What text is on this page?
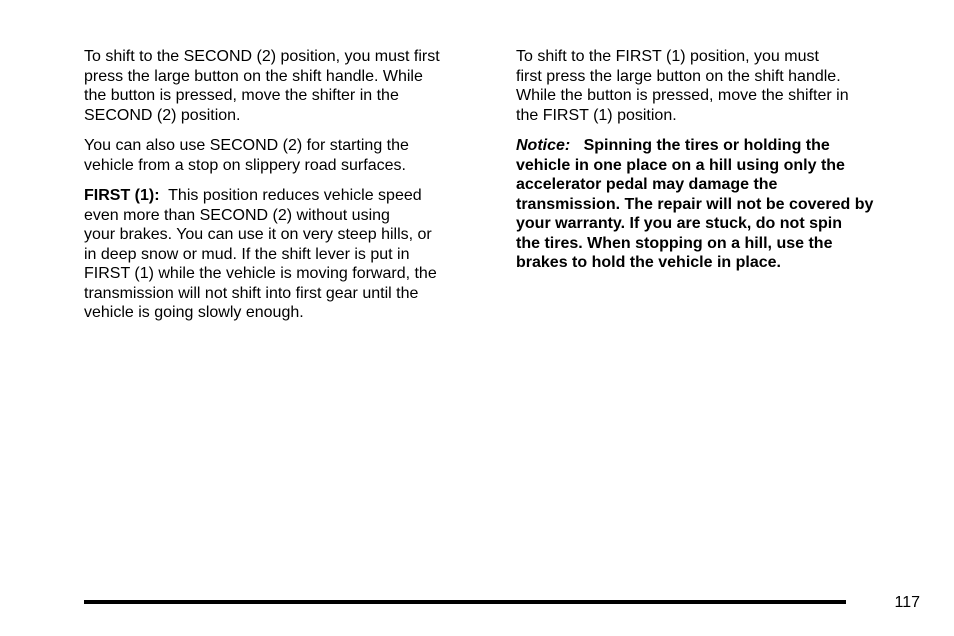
To shift to the SECOND (2) position, you must first
press the large button on the shift handle. While
the button is pressed, move the shifter in the
SECOND (2) position.

You can also use SECOND (2) for starting the
vehicle from a stop on slippery road surfaces.

FIRST (1): This position reduces vehicle speed
even more than SECOND (2) without using
your brakes. You can use it on very steep hills, or
in deep snow or mud. If the shift lever is put in
FIRST (1) while the vehicle is moving forward, the
transmission will not shift into first gear until the
vehicle is going slowly enough.

To shift to the FIRST (1) position, you must
first press the large button on the shift handle.
While the button is pressed, move the shifter in
the FIRST (1) position.

Notice: Spinning the tires or holding the
vehicle in one place on a hill using only the
accelerator pedal may damage the
transmission. The repair will not be covered by
your warranty. If you are stuck, do not spin
the tires. When stopping on a hill, use the
brakes to hold the vehicle in place.

117
